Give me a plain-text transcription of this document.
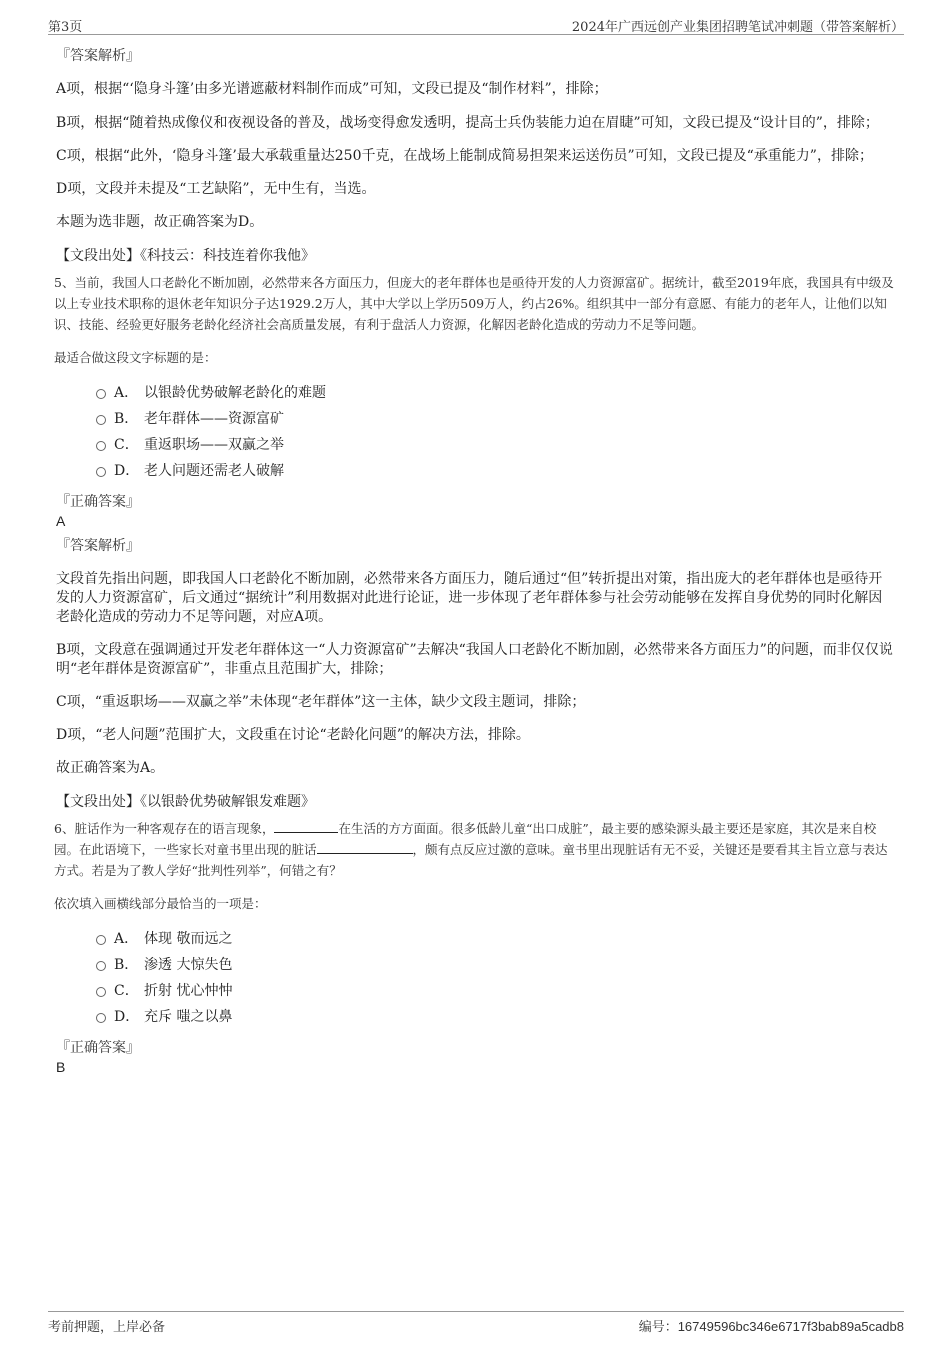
第3页	2024年广西远创产业集团招聘笔试冲刺题（带答案解析）
『答案解析』

A项，根据“‘隐身斗篷’由多光谱遮蔽材料制作而成”可知，文段已提及“制作材料”，排除；

B项，根据“随着热成像仪和夜视设备的普及，战场变得愈发透明，提高士兵伪装能力迫在眉睫”可知，文段已提及“设计目的”，排除；

C项，根据“此外，‘隐身斗篷’最大承载重量达250千克，在战场上能制成简易担架来运送伤员”可知，文段已提及“承重能力”，排除；

D项，文段并未提及“工艺缺陷”，无中生有，当选。

本题为选非题，故正确答案为D。

【文段出处】《科技云：科技连着你我他》
5、当前，我国人口老龄化不断加剧，必然带来各方面压力，但庞大的老年群体也是亟待开发的人力资源富矿。据统计，截至2019年底，我国具有中级及以上专业技术职称的退休老年知识分子达1929.2万人，其中大学以上学历509万人，约占26%。组织其中一部分有意愿、有能力的老年人，让他们以知识、技能、经验更好服务老龄化经济社会高质量发展，有利于盘活人力资源，化解因老龄化造成的劳动力不足等问题。
最适合做这段文字标题的是：
A． 以银龄优势破解老龄化的难题
B． 老年群体——资源富矿
C． 重返职场——双赢之举
D． 老人问题还需老人破解
『正确答案』
A
『答案解析』

文段首先指出问题，即我国人口老龄化不断加剧，必然带来各方面压力，随后通过“但”转折提出对策，指出庞大的老年群体也是亟待开发的人力资源富矿，后文通过“据统计”利用数据对此进行论证，进一步体现了老年群体参与社会劳动能够在发挥自身优势的同时化解因老龄化造成的劳动力不足等问题，对应A项。

B项，文段意在强调通过开发老年群体这一“人力资源富矿”去解决“我国人口老龄化不断加剧，必然带来各方面压力”的问题，而非仅仅说明“老年群体是资源富矿”，非重点且范围扩大，排除；

C项，“重返职场——双赢之举”未体现“老年群体”这一主体，缺少文段主题词，排除；

D项，“老人问题”范围扩大，文段重在讨论“老龄化问题”的解决方法，排除。

故正确答案为A。

【文段出处】《以银龄优势破解银发难题》
6、脏话作为一种客观存在的语言现象，	在生活的方方面面。很多低龄儿童“出口成脏”，最主要的感染源头最主要还是家庭，其次是来自校园。在此语境下，一些家长对童书里出现的脏话	，颇有点反应过激的意味。童书里出现脏话有无不妥，关键还是要看其主旨立意与表达方式。若是为了教人学好“批判性列举”，何错之有？
依次填入画横线部分最恰当的一项是：
A． 体现 敬而远之
B． 渗透 大惊失色
C． 折射 忧心忡忡
D． 充斥 嗤之以鼻
『正确答案』
B
考前押题，上岸必备	编号：16749596bc346e6717f3bab89a5cadb8
